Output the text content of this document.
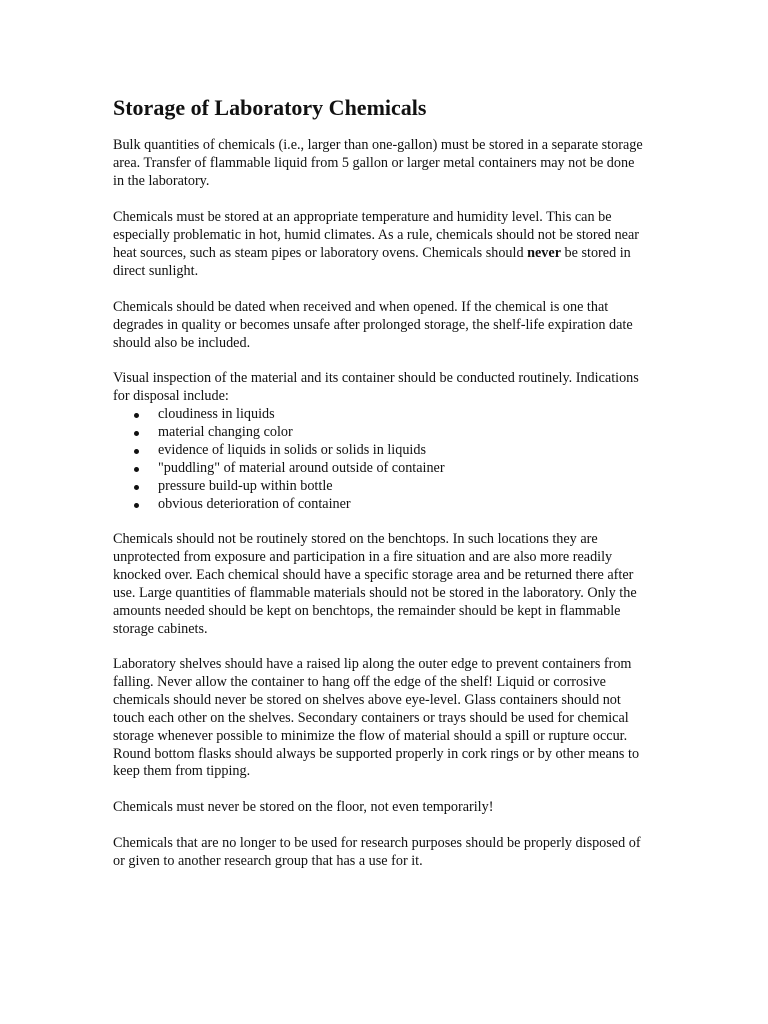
Storage of Laboratory Chemicals

Bulk quantities of chemicals (i.e., larger than one-gallon) must be stored in a separate storage area. Transfer of flammable liquid from 5 gallon or larger metal containers may not be done in the laboratory.

Chemicals must be stored at an appropriate temperature and humidity level. This can be especially problematic in hot, humid climates. As a rule, chemicals should not be stored near heat sources, such as steam pipes or laboratory ovens. Chemicals should never be stored in direct sunlight.

Chemicals should be dated when received and when opened. If the chemical is one that degrades in quality or becomes unsafe after prolonged storage, the shelf-life expiration date should also be included.

Visual inspection of the material and its container should be conducted routinely. Indications for disposal include:

cloudiness in liquids
material changing color
evidence of liquids in solids or solids in liquids
"puddling" of material around outside of container
pressure build-up within bottle
obvious deterioration of container

Chemicals should not be routinely stored on the benchtops. In such locations they are unprotected from exposure and participation in a fire situation and are also more readily knocked over. Each chemical should have a specific storage area and be returned there after use. Large quantities of flammable materials should not be stored in the laboratory. Only the amounts needed should be kept on benchtops, the remainder should be kept in flammable storage cabinets.

Laboratory shelves should have a raised lip along the outer edge to prevent containers from falling. Never allow the container to hang off the edge of the shelf! Liquid or corrosive chemicals should never be stored on shelves above eye-level. Glass containers should not touch each other on the shelves. Secondary containers or trays should be used for chemical storage whenever possible to minimize the flow of material should a spill or rupture occur. Round bottom flasks should always be supported properly in cork rings or by other means to keep them from tipping.

Chemicals must never be stored on the floor, not even temporarily!

Chemicals that are no longer to be used for research purposes should be properly disposed of or given to another research group that has a use for it.
